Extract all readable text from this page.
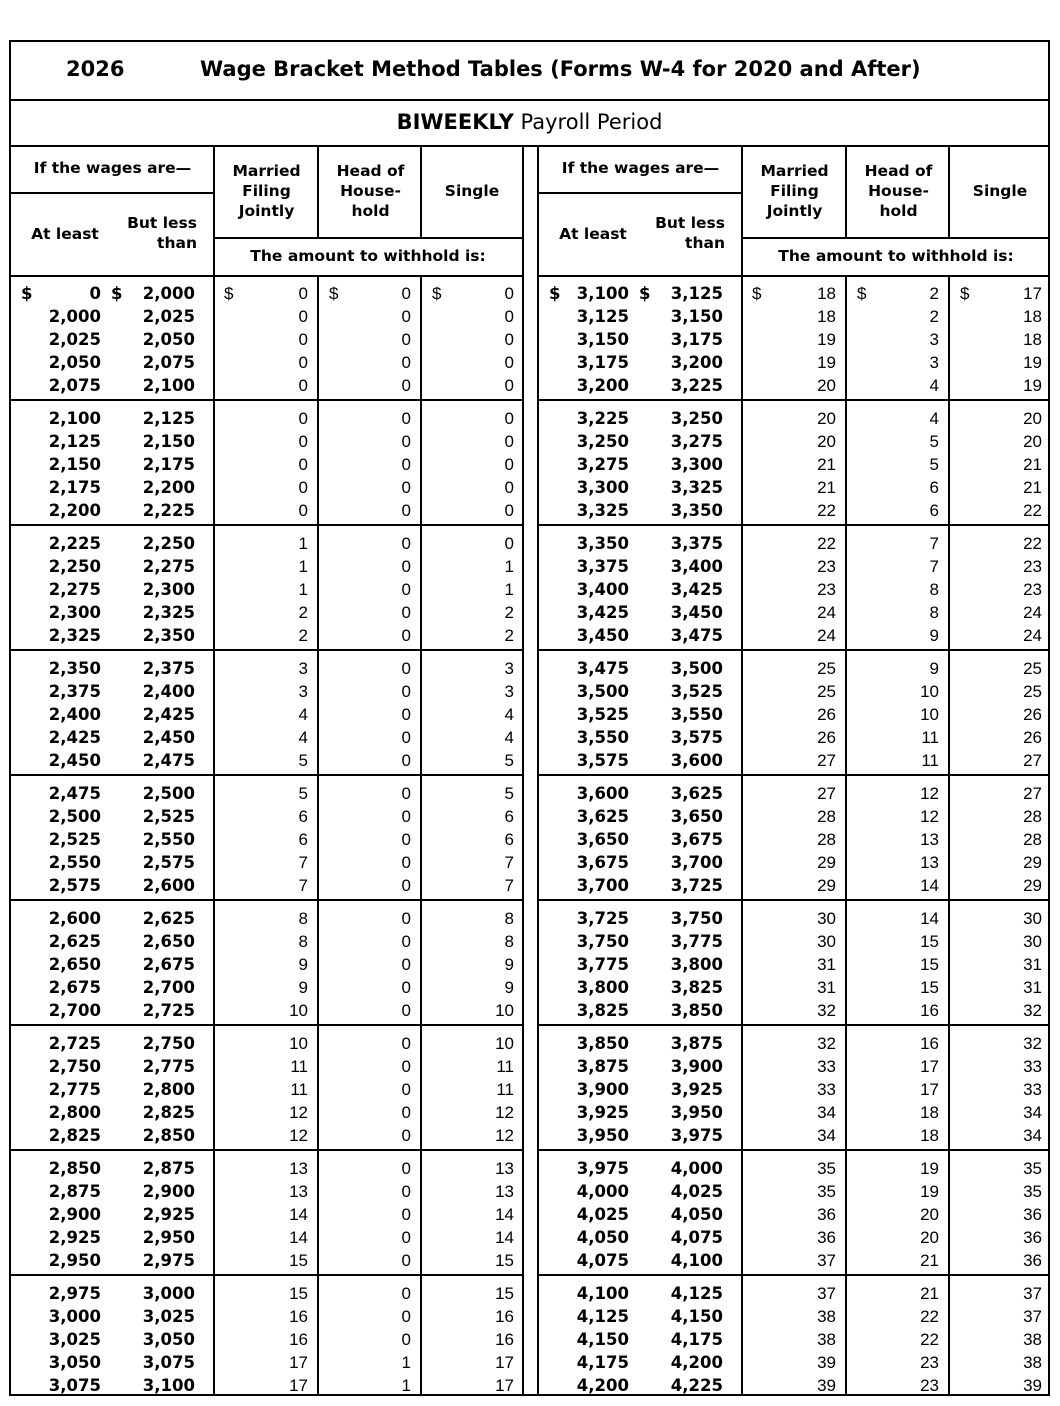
2026	Wage Bracket Method Tables (Forms W-4 for 2020 and After)
BIWEEKLY Payroll Period
If the wages are—
At least
But less
than
Married
Filing
Jointly
Head of
House-
hold
Single
The amount to withhold is:
$	$	$	$	$
0	2,000	0	0	0
2,000	2,025	0	0	0
2,025	2,050	0	0	0
2,050	2,075	0	0	0
2,075	2,100	0	0	0
2,100	2,125	0	0	0
2,125	2,150	0	0	0
2,150	2,175	0	0	0
2,175	2,200	0	0	0
2,200	2,225	0	0	0
2,225	2,250	1	0	0
2,250	2,275	1	0	1
2,275	2,300	1	0	1
2,300	2,325	2	0	2
2,325	2,350	2	0	2
2,350	2,375	3	0	3
2,375	2,400	3	0	3
2,400	2,425	4	0	4
2,425	2,450	4	0	4
2,450	2,475	5	0	5
2,475	2,500	5	0	5
2,500	2,525	6	0	6
2,525	2,550	6	0	6
2,550	2,575	7	0	7
2,575	2,600	7	0	7
2,600	2,625	8	0	8
2,625	2,650	8	0	8
2,650	2,675	9	0	9
2,675	2,700	9	0	9
2,700	2,725	10	0	10
2,725	2,750	10	0	10
2,750	2,775	11	0	11
2,775	2,800	11	0	11
2,800	2,825	12	0	12
2,825	2,850	12	0	12
2,850	2,875	13	0	13
2,875	2,900	13	0	13
2,900	2,925	14	0	14
2,925	2,950	14	0	14
2,950	2,975	15	0	15
2,975	3,000	15	0	15
3,000	3,025	16	0	16
3,025	3,050	16	0	16
3,050	3,075	17	1	17
3,075	3,100	17	1	17
If the wages are—
At least
But less
than
Married
Filing
Jointly
Head of
House-
hold
Single
The amount to withhold is:
$	$	$	$	$
3,100	3,125	18	2	17
3,125	3,150	18	2	18
3,150	3,175	19	3	18
3,175	3,200	19	3	19
3,200	3,225	20	4	19
3,225	3,250	20	4	20
3,250	3,275	20	5	20
3,275	3,300	21	5	21
3,300	3,325	21	6	21
3,325	3,350	22	6	22
3,350	3,375	22	7	22
3,375	3,400	23	7	23
3,400	3,425	23	8	23
3,425	3,450	24	8	24
3,450	3,475	24	9	24
3,475	3,500	25	9	25
3,500	3,525	25	10	25
3,525	3,550	26	10	26
3,550	3,575	26	11	26
3,575	3,600	27	11	27
3,600	3,625	27	12	27
3,625	3,650	28	12	28
3,650	3,675	28	13	28
3,675	3,700	29	13	29
3,700	3,725	29	14	29
3,725	3,750	30	14	30
3,750	3,775	30	15	30
3,775	3,800	31	15	31
3,800	3,825	31	15	31
3,825	3,850	32	16	32
3,850	3,875	32	16	32
3,875	3,900	33	17	33
3,900	3,925	33	17	33
3,925	3,950	34	18	34
3,950	3,975	34	18	34
3,975	4,000	35	19	35
4,000	4,025	35	19	35
4,025	4,050	36	20	36
4,050	4,075	36	20	36
4,075	4,100	37	21	36
4,100	4,125	37	21	37
4,125	4,150	38	22	37
4,150	4,175	38	22	38
4,175	4,200	39	23	38
4,200	4,225	39	23	39
